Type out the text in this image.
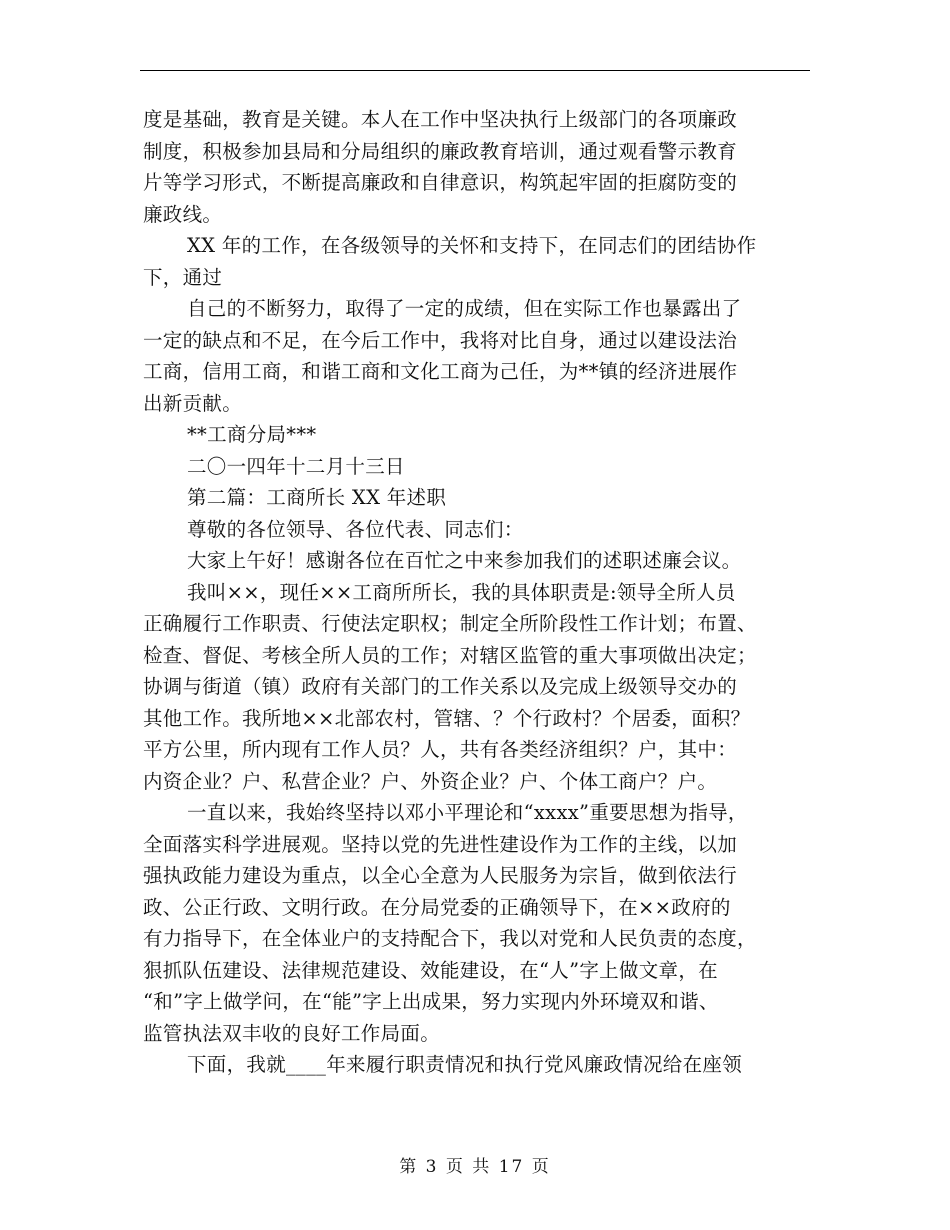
度是基础，教育是关键。本人在工作中坚决执行上级部门的各项廉政
制度，积极参加县局和分局组织的廉政教育培训，通过观看警示教育
片等学习形式，不断提高廉政和自律意识，构筑起牢固的拒腐防变的
廉政线。
XX 年的工作，在各级领导的关怀和支持下，在同志们的团结协作
下，通过
自己的不断努力，取得了一定的成绩，但在实际工作也暴露出了
一定的缺点和不足，在今后工作中，我将对比自身，通过以建设法治
工商，信用工商，和谐工商和文化工商为己任，为**镇的经济进展作
出新贡献。
**工商分局***
二〇一四年十二月十三日
第二篇：工商所长 XX 年述职
尊敬的各位领导、各位代表、同志们：
大家上午好！感谢各位在百忙之中来参加我们的述职述廉会议。
我叫××，现任××工商所所长，我的具体职责是:领导全所人员
正确履行工作职责、行使法定职权；制定全所阶段性工作计划；布置、
检查、督促、考核全所人员的工作；对辖区监管的重大事项做出决定；
协调与街道（镇）政府有关部门的工作关系以及完成上级领导交办的
其他工作。我所地××北部农村，管辖、？个行政村？个居委，面积？
平方公里，所内现有工作人员？人，共有各类经济组织？户，其中：
内资企业？户、私营企业？户、外资企业？户、个体工商户？户。
一直以来，我始终坚持以邓小平理论和“xxxx”重要思想为指导，
全面落实科学进展观。坚持以党的先进性建设作为工作的主线，以加
强执政能力建设为重点，以全心全意为人民服务为宗旨，做到依法行
政、公正行政、文明行政。在分局党委的正确领导下，在××政府的
有力指导下，在全体业户的支持配合下，我以对党和人民负责的态度，
狠抓队伍建设、法律规范建设、效能建设，在“人”字上做文章，在
“和”字上做学问，在“能”字上出成果，努力实现内外环境双和谐、
监管执法双丰收的良好工作局面。
下面，我就____年来履行职责情况和执行党风廉政情况给在座领
第 3 页 共 17 页
